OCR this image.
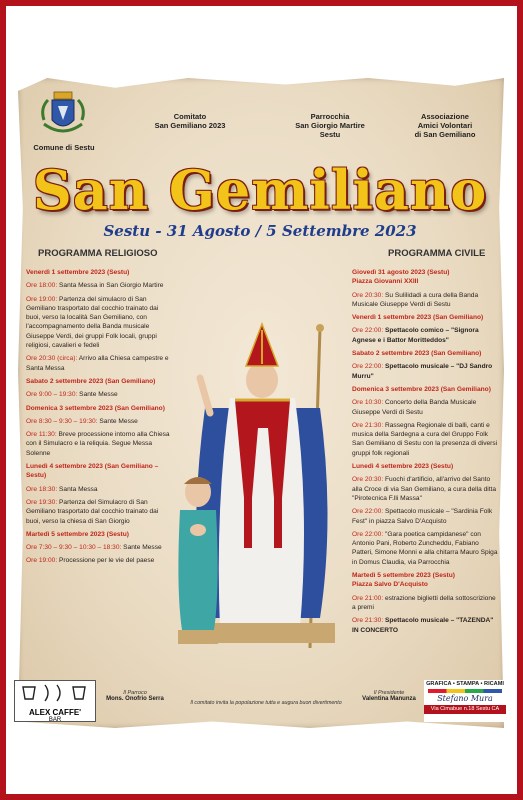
Comune di Sestu
Comitato
San Gemiliano 2023
Parrocchia
San Giorgio Martire
Sestu
Associazione
Amici Volontari
di San Gemiliano
San Gemiliano
Sestu - 31 Agosto / 5 Settembre 2023
PROGRAMMA RELIGIOSO	PROGRAMMA CIVILE

Venerdì 1 settembre 2023 (Sestu)

Ore 18:00: Santa Messa in San Giorgio Martire

Ore 19:00: Partenza del simulacro di San Gemiliano trasportato dal cocchio trainato dai buoi, verso la località San Gemiliano, con l'accompagnamento della Banda musicale Giuseppe Verdi, dei gruppi Folk locali, gruppi religiosi, cavalieri e fedeli

Ore 20:30 (circa): Arrivo alla Chiesa campestre e Santa Messa

Sabato 2 settembre 2023 (San Gemiliano)

Ore 9:00 – 19:30: Sante Messe

Domenica 3 settembre 2023 (San Gemiliano)

Ore 8:30 – 9:30 – 19:30: Sante Messe

Ore 11:30: Breve processione intorno alla Chiesa con il Simulacro e la reliquia. Segue Messa Solenne

Lunedì 4 settembre 2023 (San Gemiliano – Sestu)

Ore 18:30: Santa Messa

Ore 19:30: Partenza del Simulacro di San Gemiliano trasportato dal cocchio trainato dai buoi, verso la chiesa di San Giorgio

Martedì 5 settembre 2023 (Sestu)

Ore 7:30 – 9:30 – 10:30 – 18:30: Sante Messe

Ore 19:00: Processione per le vie del paese

Giovedì 31 agosto 2023 (Sestu)

Piazza Giovanni XXIII

Ore 20:30: Su Sulilidadi a cura della Banda Musicale Giuseppe Verdi di Sestu

Venerdì 1 settembre 2023 (San Gemiliano)

Ore 22:00: Spettacolo comico – "Signora Agnese e i Battor Moritteddos"

Sabato 2 settembre 2023 (San Gemiliano)

Ore 22:00: Spettacolo musicale – "DJ Sandro Murru"

Domenica 3 settembre 2023 (San Gemiliano)

Ore 10:30: Concerto della Banda Musicale Giuseppe Verdi di Sestu

Ore 21:30: Rassegna Regionale di balli, canti e musica della Sardegna a cura del Gruppo Folk San Gemiliano di Sestu con la presenza di diversi gruppi folk regionali

Lunedì 4 settembre 2023 (Sestu)

Ore 20:30: Fuochi d'artificio, all'arrivo del Santo alla Croce di via San Gemiliano, a cura della ditta "Pirotecnica F.lli Massa"

Ore 22:00: Spettacolo musicale – "Sardinia Folk Fest" in piazza Salvo D'Acquisto

Ore 22:00: "Gara poetica campidanese" con Antonio Pani, Roberto Zuncheddu, Fabiano Patteri, Simone Monni e alla chitarra Mauro Spiga in Domus Claudia, via Parrocchia

Martedì 5 settembre 2023 (Sestu)

Piazza Salvo D'Acquisto

Ore 21:00: estrazione biglietti della sottoscrizione a premi

Ore 21:30: Spettacolo musicale – "TAZENDA" IN CONCERTO

ALEX CAFFE'
BAR
Il Parroco
Mons. Onofrio Serra
Il comitato invita la popolazione tutta e augura buon divertimento
Il Presidente
Valentina Manunza
GRAFICA • STAMPA • RICAMI
Stefano Mura
Via Cimabue n.18 Sestu CA
